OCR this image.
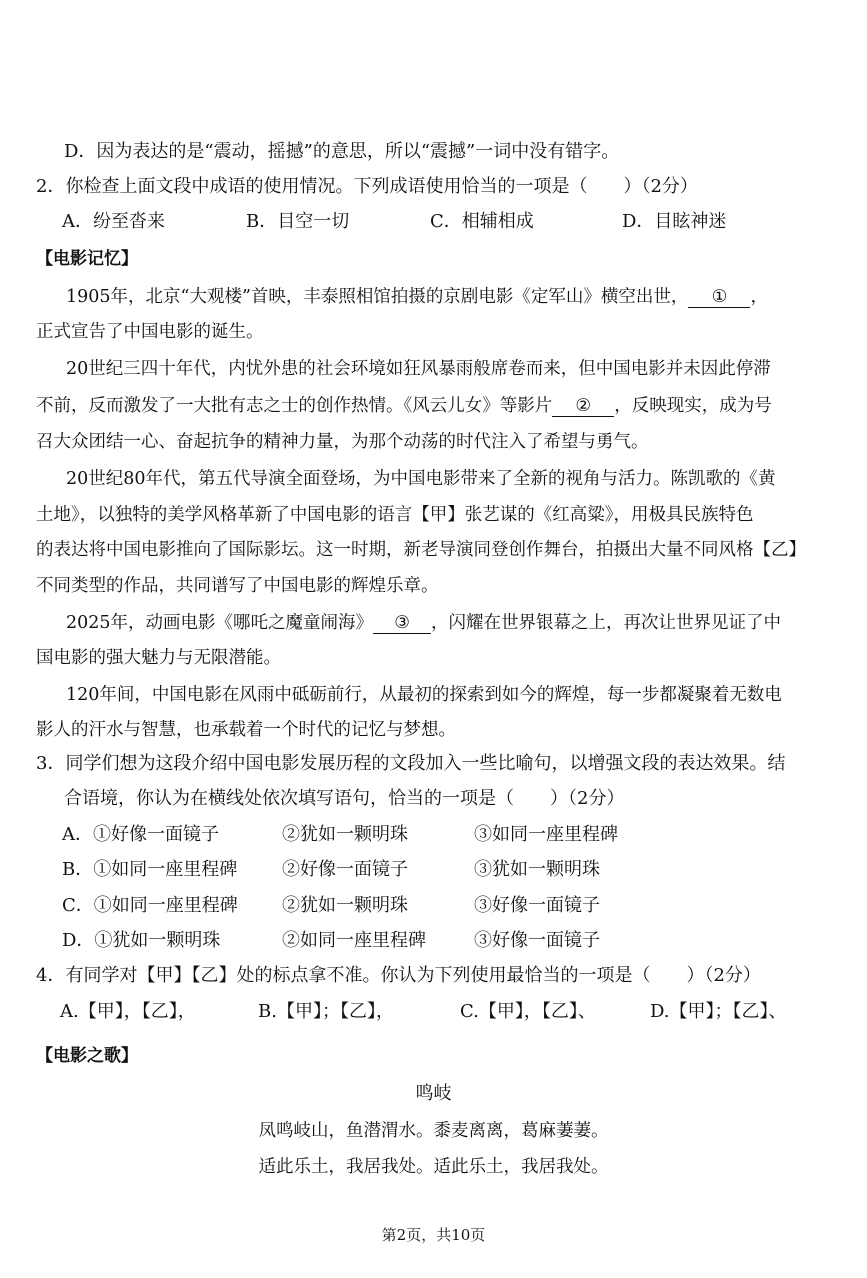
D．因为表达的是“震动，摇撼”的意思，所以“震撼”一词中没有错字。
2．你检查上面文段中成语的使用情况。下列成语使用恰当的一项是（　　）（2分）
A．纷至沓来	B．目空一切	C．相辅相成	D．目眩神迷
【电影记忆】
1905年，北京“大观楼”首映，丰泰照相馆拍摄的京剧电影《定军山》横空出世， ① ，
正式宣告了中国电影的诞生。
20世纪三四十年代，内忧外患的社会环境如狂风暴雨般席卷而来，但中国电影并未因此停滞
不前，反而激发了一大批有志之士的创作热情。《风云儿女》等影片 ② ，反映现实，成为号
召大众团结一心、奋起抗争的精神力量，为那个动荡的时代注入了希望与勇气。
20世纪80年代，第五代导演全面登场，为中国电影带来了全新的视角与活力。陈凯歌的《黄
土地》，以独特的美学风格革新了中国电影的语言【甲】张艺谋的《红高粱》，用极具民族特色
的表达将中国电影推向了国际影坛。这一时期，新老导演同登创作舞台，拍摄出大量不同风格【乙】
不同类型的作品，共同谱写了中国电影的辉煌乐章。
2025年，动画电影《哪吒之魔童闹海》 ③ ，闪耀在世界银幕之上，再次让世界见证了中
国电影的强大魅力与无限潜能。
120年间，中国电影在风雨中砥砺前行，从最初的探索到如今的辉煌，每一步都凝聚着无数电
影人的汗水与智慧，也承载着一个时代的记忆与梦想。
3．同学们想为这段介绍中国电影发展历程的文段加入一些比喻句，以增强文段的表达效果。结
合语境，你认为在横线处依次填写语句，恰当的一项是（　　）（2分）
A．①好像一面镜子	②犹如一颗明珠	③如同一座里程碑
B．①如同一座里程碑 ②好像一面镜子	③犹如一颗明珠
C．①如同一座里程碑 ②犹如一颗明珠	③好像一面镜子
D．①犹如一颗明珠	②如同一座里程碑	③好像一面镜子
4．有同学对【甲】【乙】处的标点拿不准。你认为下列使用最恰当的一项是（　　）（2分）
A.【甲】，【乙】，	B.【甲】；【乙】，	C.【甲】，【乙】、	D.【甲】；【乙】、
【电影之歌】
鸣岐
凤鸣岐山，鱼潜渭水。黍麦离离，葛麻萋萋。
适此乐土，我居我处。适此乐土，我居我处。
第2页，共10页
